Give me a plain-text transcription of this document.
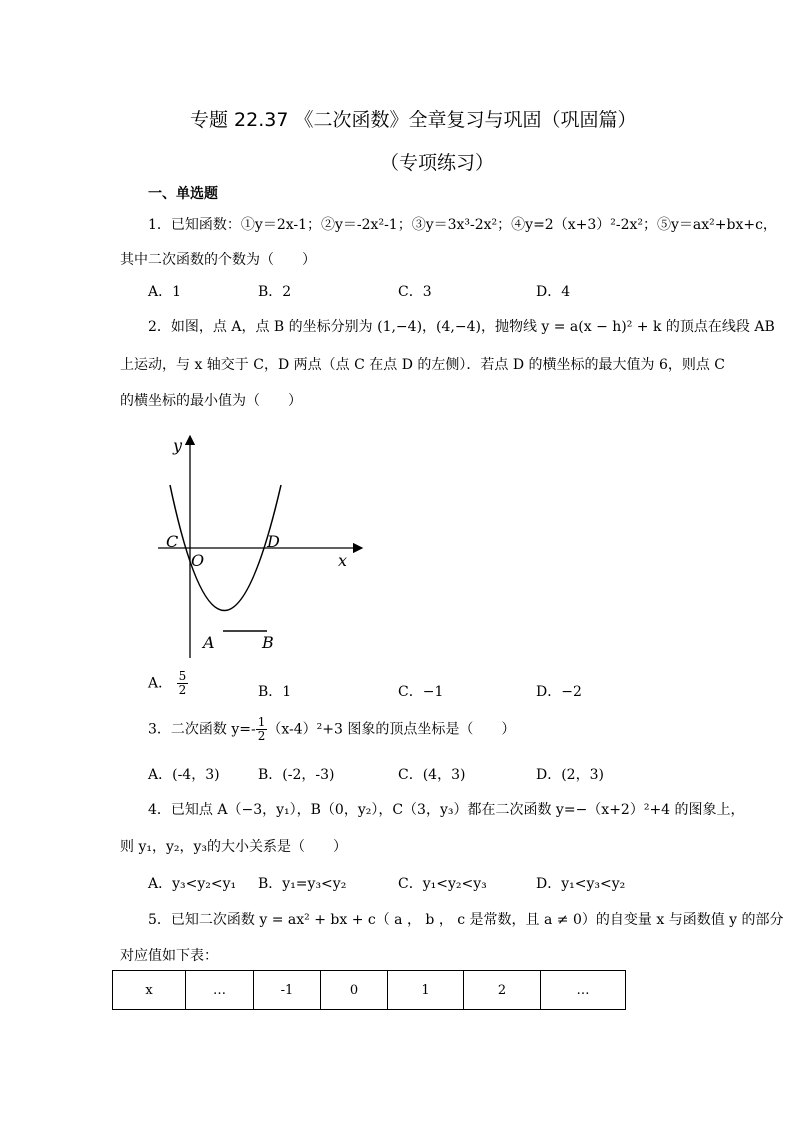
专题 22.37 《二次函数》全章复习与巩固（巩固篇）
（专项练习）
一、单选题
1．已知函数：①y＝2x-1；②y＝-2x²-1；③y＝3x³-2x²；④y=2（x+3）²-2x²；⑤y＝ax²+bx+c，
其中二次函数的个数为（　　）
A．1	B．2	C．3	D．4
2．如图，点 A，点 B 的坐标分别为 (1,−4)，(4,−4)，抛物线 y = a(x − h)² + k 的顶点在线段 AB
上运动，与 x 轴交于 C，D 两点（点 C 在点 D 的左侧）．若点 D 的横坐标的最大值为 6，则点 C
的横坐标的最小值为（　　）
y
x
O
C	D
A	B
A． $\frac{5}{2}$	B．1	C．−1	D．−2
3．二次函数 $y=- \frac{1}{2} (x-4)^2+3$ 图象的顶点坐标是（　　）
A．(-4，3)	B．(-2，-3)	C．(4，3)	D．(2，3)
4．已知点 A（−3，y₁），B（0，y₂），C（3，y₃）都在二次函数 y=−（x+2）²+4 的图象上，
则 y₁，y₂，y₃的大小关系是（　　）
A．y₃<y₂<y₁ B．y₁=y₃<y₂	C．y₁<y₂<y₃	D．y₁<y₃<y₂
5．已知二次函数 y = ax² + bx + c（ a ， b ， c 是常数，且 a ≠ 0）的自变量 x 与函数值 y 的部分
对应值如下表：
x	…	-1	0	1	2	…
